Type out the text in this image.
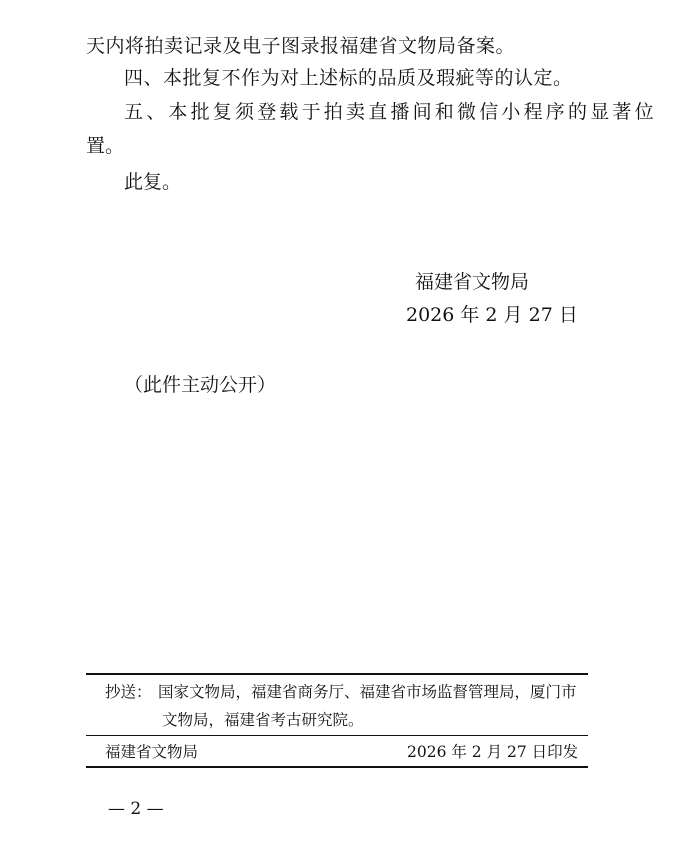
天内将拍卖记录及电子图录报福建省文物局备案。
四、本批复不作为对上述标的品质及瑕疵等的认定。
五、本批复须登载于拍卖直播间和微信小程序的显著位
置。
此复。
福建省文物局
2026 年 2 月 27 日
（此件主动公开）
抄送： 国家文物局，福建省商务厅、福建省市场监督管理局，厦门市
文物局，福建省考古研究院。
福建省文物局	2026 年 2 月 27 日印发
— 2 —
